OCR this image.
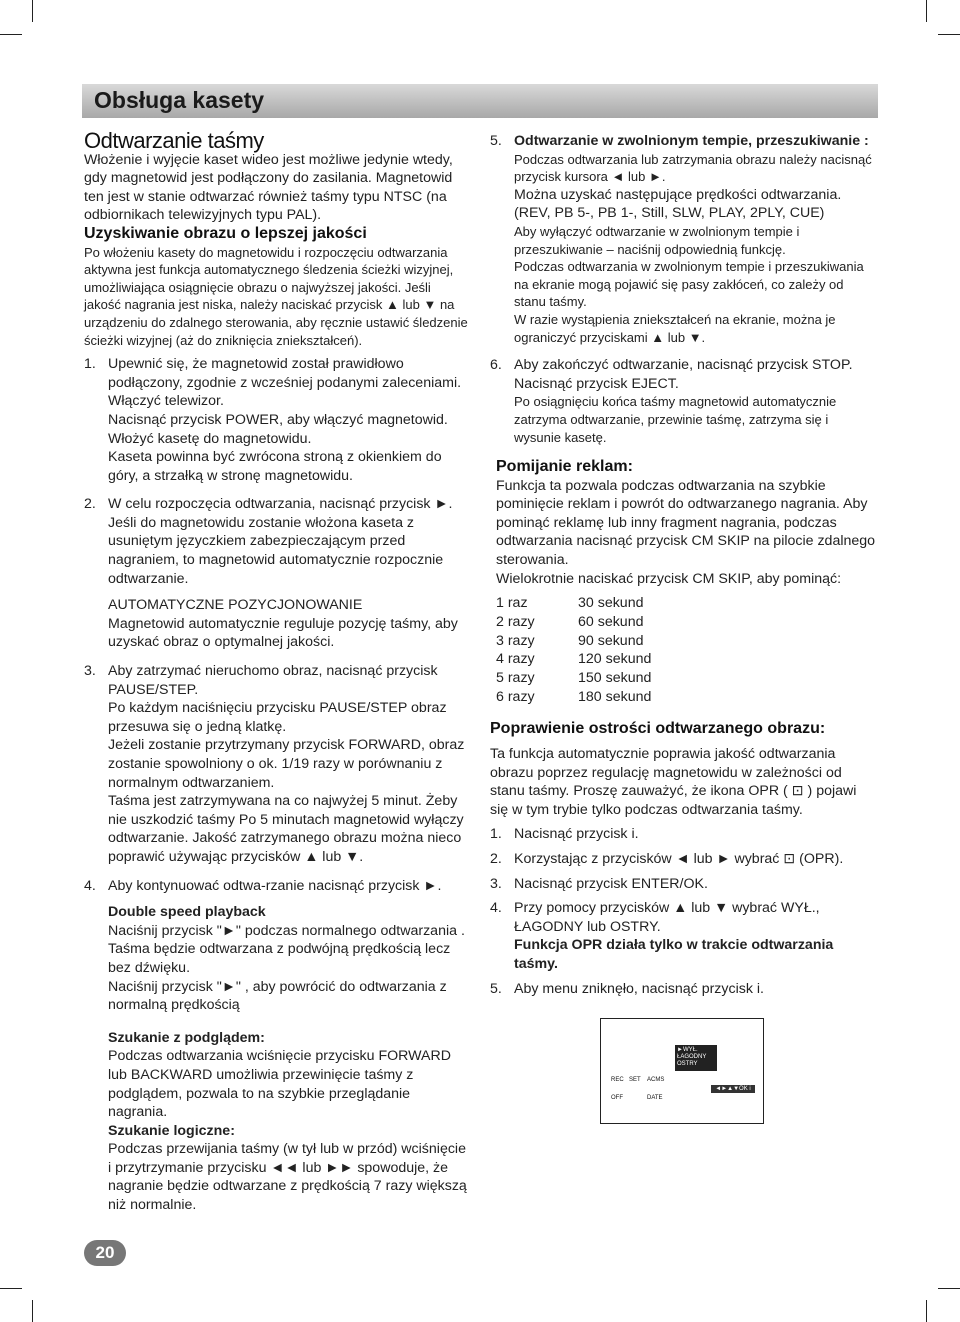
Obsługa kasety

Odtwarzanie taśmy

Włożenie i wyjęcie kaset wideo jest możliwe jedynie wtedy, gdy magnetowid jest podłączony do zasilania. Magnetowid ten jest w stanie odtwarzać również taśmy typu NTSC (na odbiornikach telewizyjnych typu PAL).

Uzyskiwanie obrazu o lepszej jakości

Po włożeniu kasety do magnetowidu i rozpoczęciu odtwarzania aktywna jest funkcja automatycznego śledzenia ścieżki wizyjnej, umożliwiająca osiągnięcie obrazu o najwyższej jakości. Jeśli jakość nagrania jest niska, należy naciskać przycisk ▲ lub ▼ na urządzeniu do zdalnego sterowania, aby ręcznie ustawić śledzenie ścieżki wizyjnej (aż do zniknięcia zniekształceń).

1. Upewnić się, że magnetowid został prawidłowo podłączony, zgodnie z wcześniej podanymi zaleceniami.

Włączyć telewizor.

Nacisnąć przycisk POWER, aby włączyć magnetowid.

Włożyć kasetę do magnetowidu.

Kaseta powinna być zwrócona stroną z okienkiem do góry, a strzałką w stronę magnetowidu.

2. W celu rozpoczęcia odtwarzania, nacisnąć przycisk ►.

Jeśli do magnetowidu zostanie włożona kaseta z usuniętym języczkiem zabezpieczającym przed nagraniem, to magnetowid automatycznie rozpocznie odtwarzanie.

AUTOMATYCZNE POZYCJONOWANIE

Magnetowid automatycznie reguluje pozycję taśmy, aby uzyskać obraz o optymalnej jakości.

3. Aby zatrzymać nieruchomo obraz, nacisnąć przycisk PAUSE/STEP.

Po każdym naciśnięciu przycisku PAUSE/STEP obraz przesuwa się o jedną klatkę.

Jeżeli zostanie przytrzymany przycisk FORWARD, obraz zostanie spowolniony o ok. 1/19 razy w porównaniu z normalnym odtwarzaniem.

Taśma jest zatrzymywana na co najwyżej 5 minut. Żeby nie uszkodzić taśmy Po 5 minutach magnetowid wyłączy odtwarzanie. Jakość zatrzymanego obrazu można nieco poprawić używając przycisków ▲ lub ▼.

4. Aby kontynuować odtwa-rzanie nacisnąć przycisk ►.

Double speed playback

Naciśnij przycisk "►" podczas normalnego odtwarzania . Taśma będzie odtwarzana z podwójną prędkością lecz bez dźwięku.

Naciśnij przycisk "►" , aby powrócić do odtwarzania z normalną prędkością

Szukanie z podglądem:

Podczas odtwarzania wciśnięcie przycisku FORWARD lub BACKWARD umożliwia przewinięcie taśmy z podglądem, pozwala to na szybkie przeglądanie nagrania.

Szukanie logiczne:

Podczas przewijania taśmy (w tył lub w przód) wciśnięcie i przytrzymanie przycisku ◄◄ lub ►► spowoduje, że nagranie będzie odtwarzane z prędkością 7 razy większą niż normalnie.

5. Odtwarzanie w zwolnionym tempie, przeszukiwanie :

Podczas odtwarzania lub zatrzymania obrazu należy nacisnąć przycisk kursora ◄ lub ►.

Można uzyskać następujące prędkości odtwarzania. (REV, PB 5-, PB 1-, Still, SLW, PLAY, 2PLY, CUE)

Aby wyłączyć odtwarzanie w zwolnionym tempie i przeszukiwanie – naciśnij odpowiednią funkcję.

Podczas odtwarzania w zwolnionym tempie i przeszukiwania na ekranie mogą pojawić się pasy zakłóceń, co zależy od stanu taśmy.

W razie wystąpienia zniekształceń na ekranie, można je ograniczyć przyciskami ▲ lub ▼.

6. Aby zakończyć odtwarzanie, nacisnąć przycisk STOP.

Nacisnąć przycisk EJECT.

Po osiągnięciu końca taśmy magnetowid automatycznie zatrzyma odtwarzanie, przewinie taśmę, zatrzyma się i wysunie kasetę.

Pomijanie reklam:

Funkcja ta pozwala podczas odtwarzania na szybkie pominięcie reklam i powrót do odtwarzanego nagrania. Aby pominąć reklamę lub inny fragment nagrania, podczas odtwarzania nacisnąć przycisk CM SKIP na pilocie zdalnego sterowania.

Wielokrotnie naciskać przycisk CM SKIP, aby pominąć:

1 raz	30 sekund
2 razy	60 sekund
3 razy	90 sekund
4 razy	120 sekund
5 razy	150 sekund
6 razy	180 sekund

Poprawienie ostrości odtwarzanego obrazu:

Ta funkcja automatycznie poprawia jakość odtwarzania obrazu poprzez regulację magnetowidu w zależności od stanu taśmy. Proszę zauważyć, że ikona OPR ( ⊡ ) pojawi się w tym trybie tylko podczas odtwarzania taśmy.

1. Nacisnąć przycisk i.

2. Korzystając z przycisków ◄ lub ► wybrać ⊡ (OPR).

3. Nacisnąć przycisk ENTER/OK.

4. Przy pomocy przycisków ▲ lub ▼ wybrać WYŁ., ŁAGODNY lub OSTRY.

Funkcja OPR działa tylko w trakcie odtwarzania taśmy.

5. Aby menu zniknęło, nacisnąć przycisk i.

REC
OFF
SET ACMS
DATE
►WYŁ.
ŁAGODNY
OSTRY
◄►▲▼OK i
20
